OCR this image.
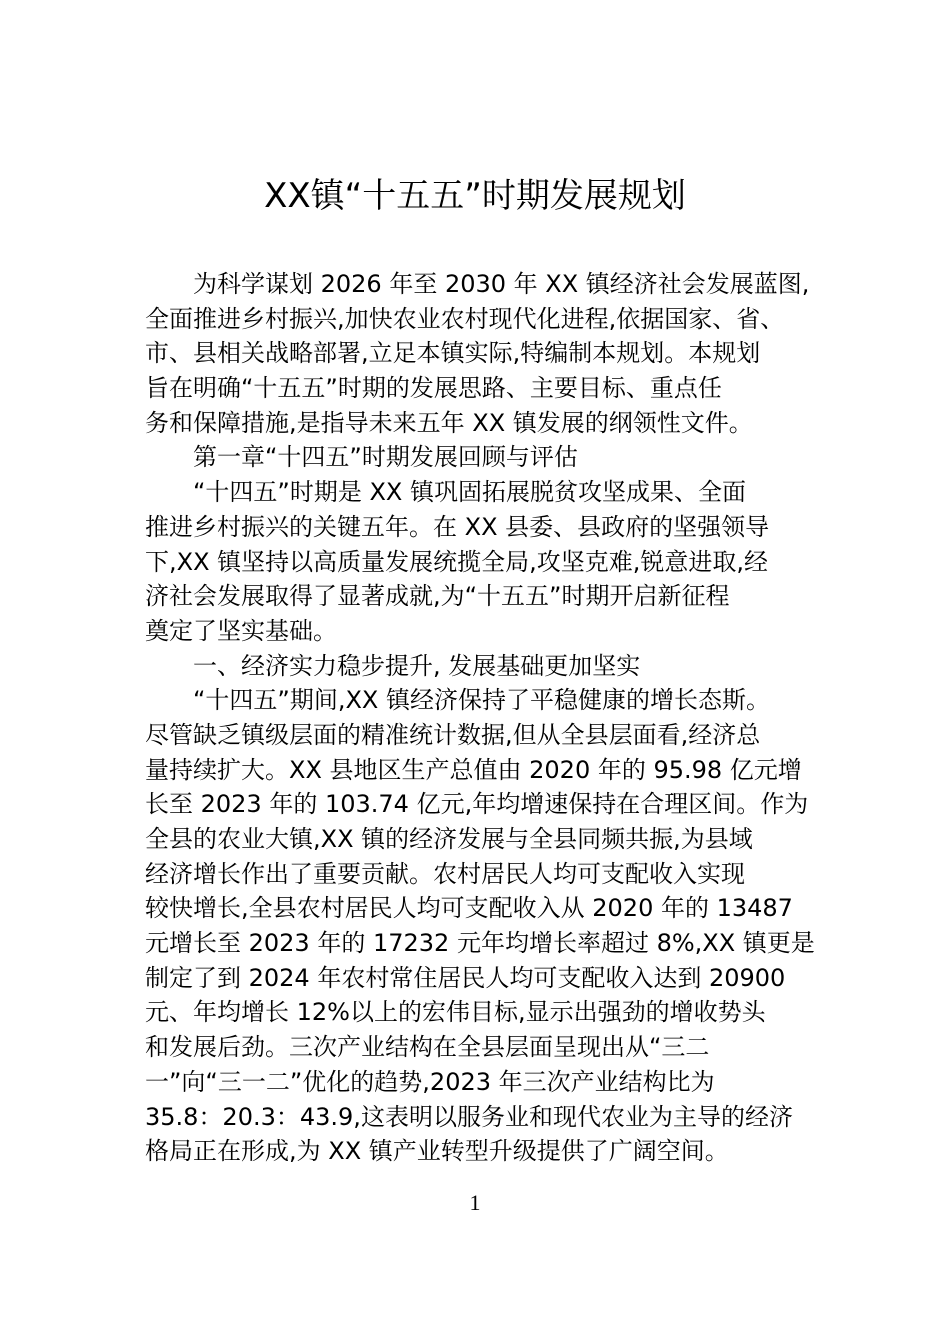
XX镇“十五五”时期发展规划
为科学谋划 2026 年至 2030 年 XX 镇经济社会发展蓝图,
全面推进乡村振兴,加快农业农村现代化进程,依据国家、省、
市、县相关战略部署,立足本镇实际,特编制本规划。本规划
旨在明确“十五五”时期的发展思路、主要目标、重点任
务和保障措施,是指导未来五年 XX 镇发展的纲领性文件。
第一章“十四五”时期发展回顾与评估
“十四五”时期是 XX 镇巩固拓展脱贫攻坚成果、全面
推进乡村振兴的关键五年。在 XX 县委、县政府的坚强领导
下,XX 镇坚持以高质量发展统揽全局,攻坚克难,锐意进取,经
济社会发展取得了显著成就,为“十五五”时期开启新征程
奠定了坚实基础。
一、经济实力稳步提升, 发展基础更加坚实
“十四五”期间,XX 镇经济保持了平稳健康的增长态斯。
尽管缺乏镇级层面的精准统计数据,但从全县层面看,经济总
量持续扩大。XX 县地区生产总值由 2020 年的 95.98 亿元增
长至 2023 年的 103.74 亿元,年均增速保持在合理区间。作为
全县的农业大镇,XX 镇的经济发展与全县同频共振,为县域
经济增长作出了重要贡献。农村居民人均可支配收入实现
较快增长,全县农村居民人均可支配收入从 2020 年的 13487
元增长至 2023 年的 17232 元年均增长率超过 8%,XX 镇更是
制定了到 2024 年农村常住居民人均可支配收入达到 20900
元、年均增长 12%以上的宏伟目标,显示出强劲的增收势头
和发展后劲。三次产业结构在全县层面呈现出从“三二
一”向“三一二”优化的趋势,2023 年三次产业结构比为
35.8：20.3：43.9,这表明以服务业和现代农业为主导的经济
格局正在形成,为 XX 镇产业转型升级提供了广阔空间。
1
